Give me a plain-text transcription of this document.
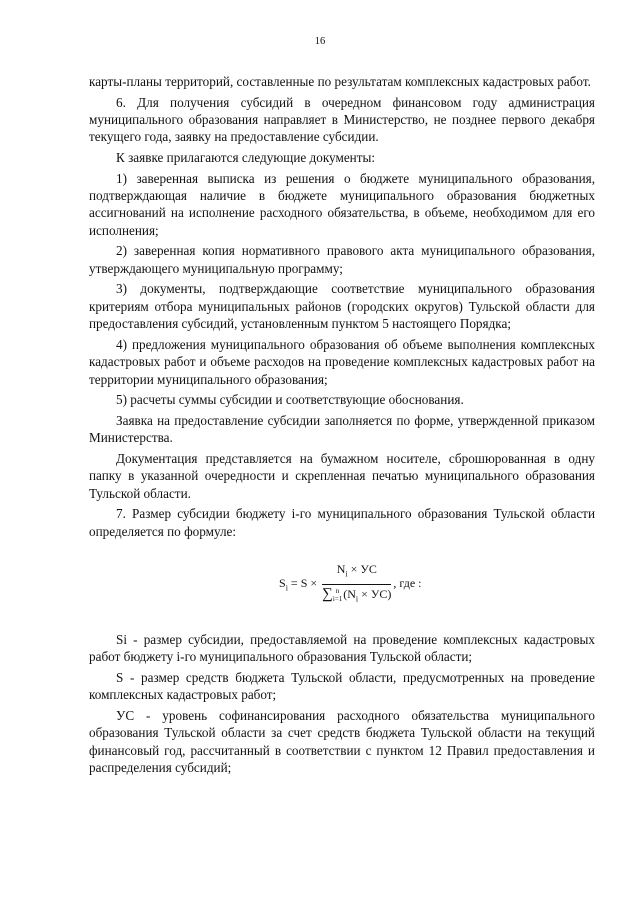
16

карты-планы территорий, составленные по результатам комплексных кадастровых работ.

6. Для получения субсидий в очередном финансовом году администрация муниципального образования направляет в Министерство, не позднее первого декабря текущего года, заявку на предоставление субсидии.

К заявке прилагаются следующие документы:

1) заверенная выписка из решения о бюджете муниципального образования, подтверждающая наличие в бюджете муниципального образования бюджетных ассигнований на исполнение расходного обязательства, в объеме, необходимом для его исполнения;

2) заверенная копия нормативного правового акта муниципального образования, утверждающего муниципальную программу;

3) документы, подтверждающие соответствие муниципального образования критериям отбора муниципальных районов (городских округов) Тульской области для предоставления субсидий, установленным пунктом 5 настоящего Порядка;

4) предложения муниципального образования об объеме выполнения комплексных кадастровых работ и объеме расходов на проведение комплексных кадастровых работ на территории муниципального образования;

5) расчеты суммы субсидии и соответствующие обоснования.

Заявка на предоставление субсидии заполняется по форме, утвержденной приказом Министерства.

Документация представляется на бумажном носителе, сброшюрованная в одну папку в указанной очередности и скрепленная печатью муниципального образования Тульской области.

7. Размер субсидии бюджету i-го муниципального образования Тульской области определяется по формуле:

$S_i = S$ ×
$N_i$ × УС
∑ n
$i=1(N_i \times УС)$
, где :

Si - размер субсидии, предоставляемой на проведение комплексных кадастровых работ бюджету i-го муниципального образования Тульской области;

S - размер средств бюджета Тульской области, предусмотренных на проведение комплексных кадастровых работ;

УС - уровень софинансирования расходного обязательства муниципального образования Тульской области за счет средств бюджета Тульской области на текущий финансовый год, рассчитанный в соответствии с пунктом 12 Правил предоставления и распределения субсидий;
